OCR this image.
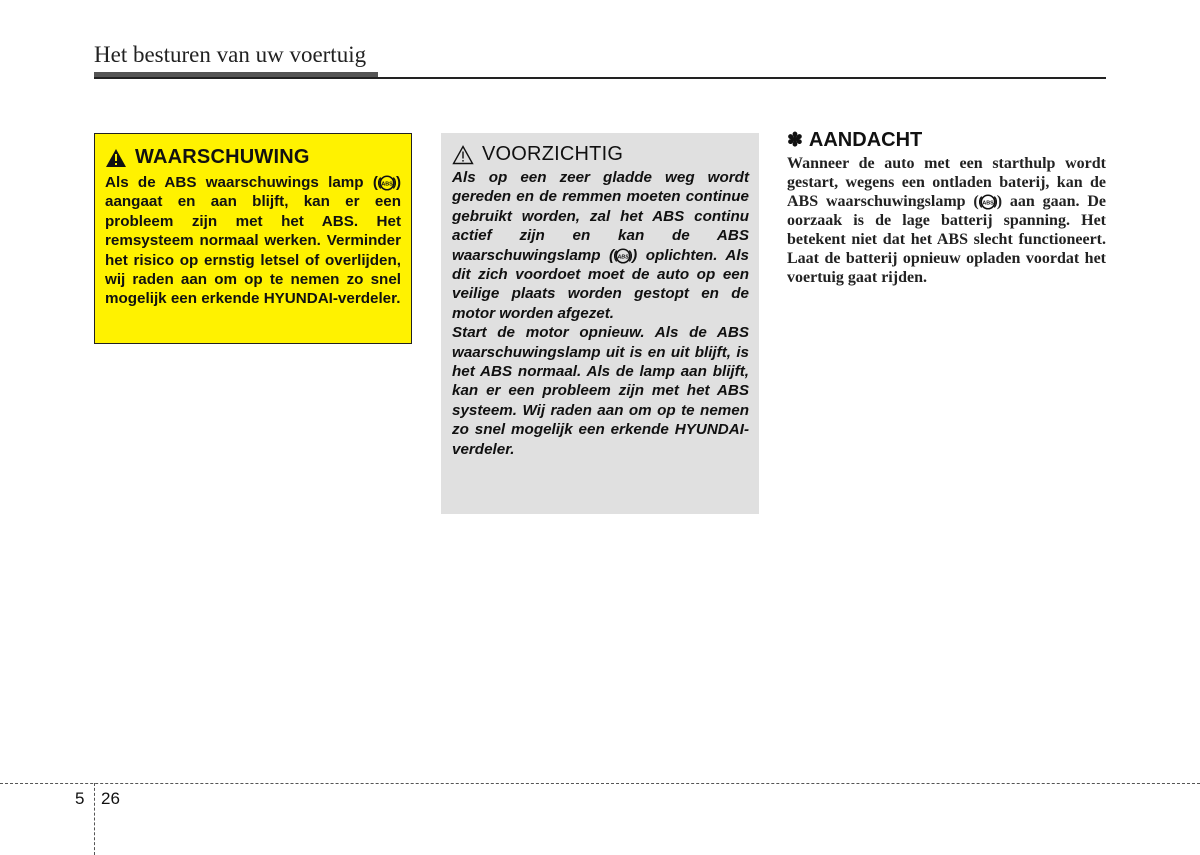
Het besturen van uw voertuig
WAARSCHUWING
Als de ABS waarschuwings lamp ( ABS ) aangaat en aan blijft, kan er een probleem zijn met het ABS. Het remsysteem normaal werken. Verminder het risico op ernstig letsel of overlijden, wij raden aan om op te nemen zo snel mogelijk een erkende HYUNDAI-verdeler.
VOORZICHTIG

Als op een zeer gladde weg wordt gereden en de remmen moeten continue gebruikt worden, zal het ABS continu actief zijn en kan de ABS waarschuwingslamp ( ABS ) oplichten. Als dit zich voordoet moet de auto op een veilige plaats worden gestopt en de motor worden afgezet.

Start de motor opnieuw. Als de ABS waarschuwingslamp uit is en uit blijft, is het ABS normaal. Als de lamp aan blijft, kan er een probleem zijn met het ABS systeem. Wij raden aan om op te nemen zo snel mogelijk een erkende HYUNDAI-verdeler.

✽ AANDACHT
Wanneer de auto met een starthulp wordt gestart, wegens een ontladen baterij, kan de ABS waarschuwingslamp ( ABS ) aan gaan. De oorzaak is de lage batterij spanning. Het betekent niet dat het ABS slecht functioneert. Laat de batterij opnieuw opladen voordat het voertuig gaat rijden.
5 26
